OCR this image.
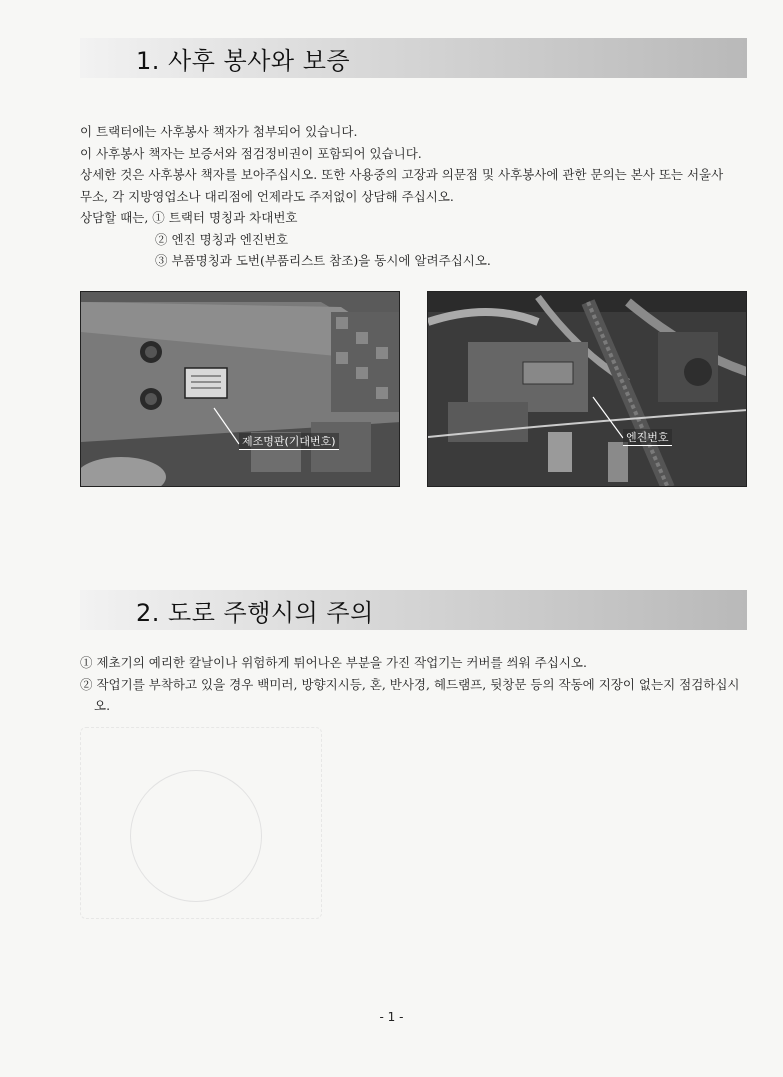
1. 사후 봉사와 보증
이 트랙터에는 사후봉사 책자가 첨부되어 있습니다.
이 사후봉사 책자는 보증서와 점검정비권이 포함되어 있습니다.
상세한 것은 사후봉사 책자를 보아주십시오. 또한 사용중의 고장과 의문점 및 사후봉사에 관한 문의는 본사 또는 서울사
무소, 각 지방영업소나 대리점에 언제라도 주저없이 상담해 주십시오.
상담할 때는, ① 트랙터 명칭과 차대번호
② 엔진 명칭과 엔진번호
③ 부품명칭과 도번(부품리스트 참조)을 동시에 알려주십시오.
제조명판(기대번호)	엔진번호
2. 도로 주행시의 주의
① 제초기의 예리한 칼날이나 위험하게 튀어나온 부분을 가진 작업기는 커버를 씌워 주십시오.
② 작업기를 부착하고 있을 경우 백미러, 방향지시등, 혼, 반사경, 헤드램프, 뒷창문 등의 작동에 지장이 없는지 점검하십시오.
- 1 -
